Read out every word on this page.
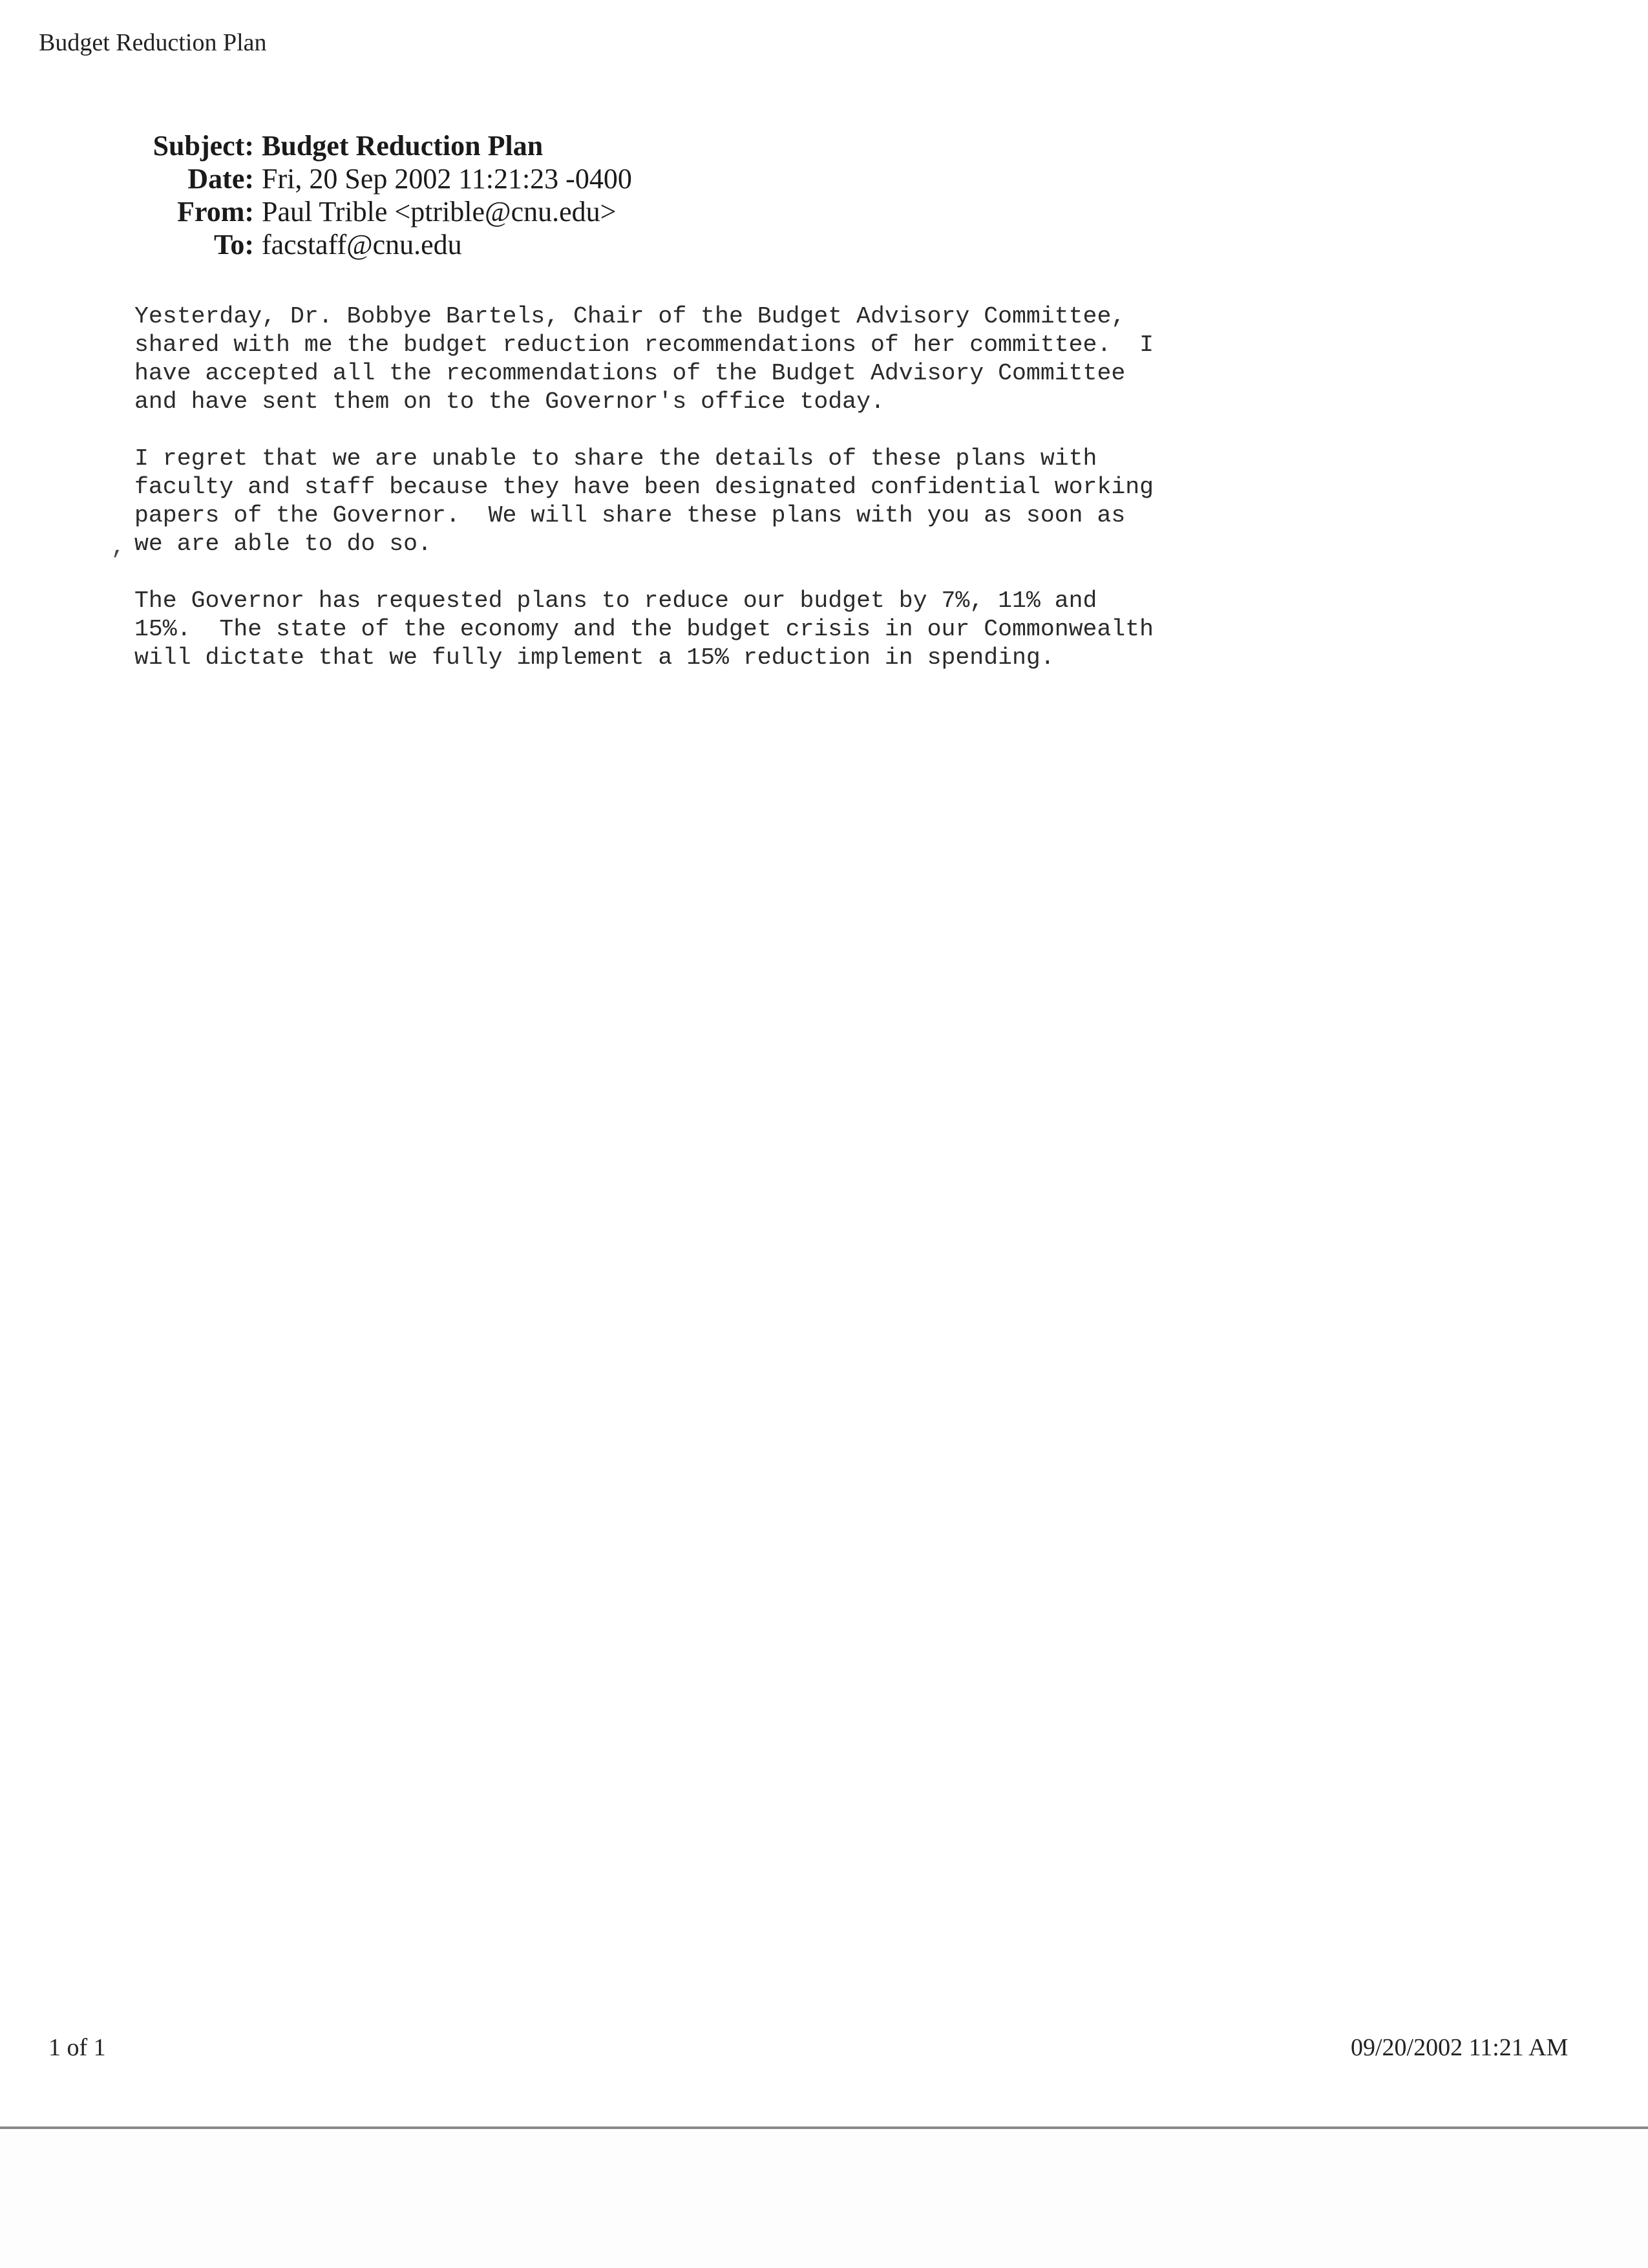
Budget Reduction Plan
Subject: Budget Reduction Plan
Date: Fri, 20 Sep 2002 11:21:23 -0400
From: Paul Trible <ptrible@cnu.edu>
To: facstaff@cnu.edu

Yesterday, Dr. Bobbye Bartels, Chair of the Budget Advisory Committee,
shared with me the budget reduction recommendations of her committee.  I
have accepted all the recommendations of the Budget Advisory Committee
and have sent them on to the Governor's office today.

I regret that we are unable to share the details of these plans with
faculty and staff because they have been designated confidential working
papers of the Governor.  We will share these plans with you as soon as
we are able to do so.

The Governor has requested plans to reduce our budget by 7%, 11% and
15%.  The state of the economy and the budget crisis in our Commonwealth
will dictate that we fully implement a 15% reduction in spending.

,
1 of 1	09/20/2002 11:21 AM
